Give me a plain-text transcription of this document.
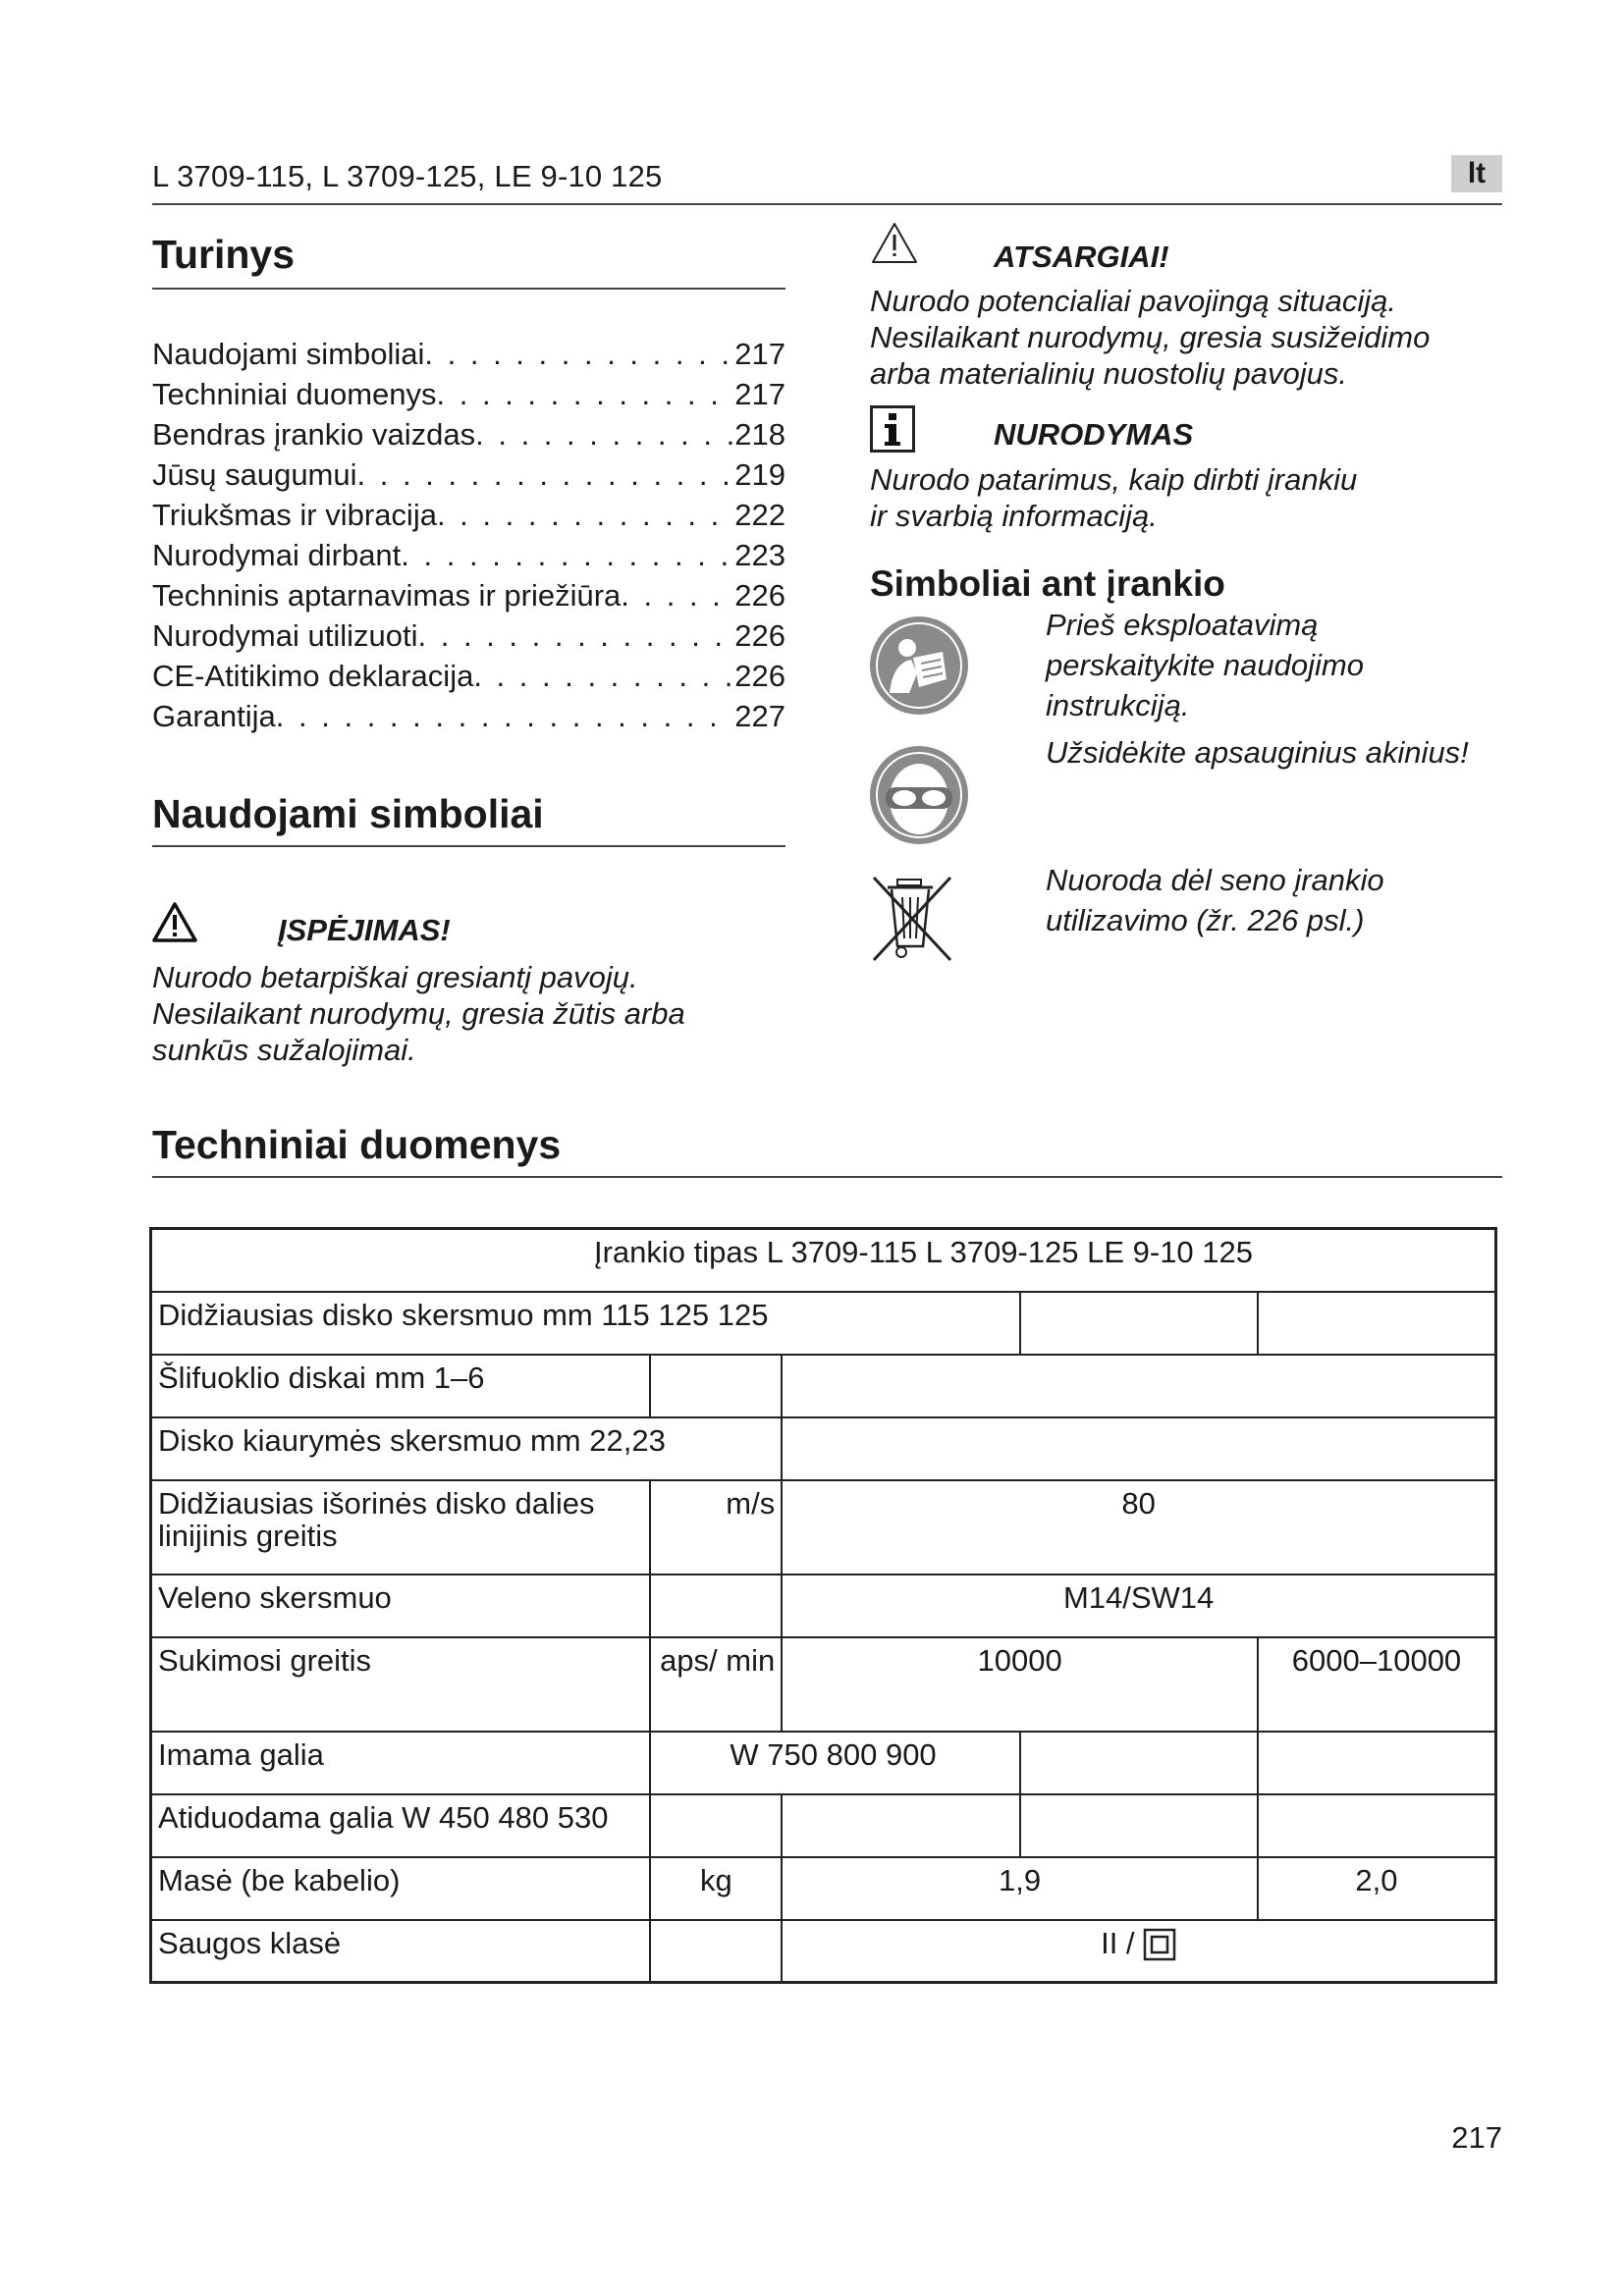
L 3709-115, L 3709-125, LE 9-10 125	lt
Turinys
Naudojami simboliai . . .	217
Techniniai duomenys . . .	217
Bendras įrankio vaizdas . . .	218
Jūsų saugumui . . .	219
Triukšmas ir vibracija . . .	222
Nurodymai dirbant . . .	223
Techninis aptarnavimas ir priežiūra . . .	226
Nurodymai utilizuoti . . .	226
CE-Atitikimo deklaracija . . .	226
Garantija . . .	227
Naudojami simboliai
ĮSPĖJIMAS!
Nurodo betarpiškai gresiantį pavojų.
Nesilaikant nurodymų, gresia žūtis arba
sunkūs sužalojimai.
ATSARGIAI!
Nurodo potencialiai pavojingą situaciją.
Nesilaikant nurodymų, gresia susižeidimo
arba materialinių nuostolių pavojus.
NURODYMAS
Nurodo patarimus, kaip dirbti įrankiu
ir svarbią informaciją.
Simboliai ant įrankio
Prieš eksploatavimą
perskaitykite naudojimo
instrukciją.
Užsidėkite apsauginius akinius!
Nuoroda dėl seno įrankio
utilizavimo (žr. 226 psl.)
Techniniai duomenys
Įrankio tipas L 3709-115 L 3709-125 LE 9-10 125				
Didžiausias disko skersmuo mm 115 125 125				
Šlifuoklio diskai mm 1–6				
Disko kiaurymės skersmuo mm 22,23				
Didžiausias išorinės disko dalies linijinis greitis	m/s	80		
Veleno skersmuo		M14/SW14		
Sukimosi greitis	aps/ min	10000		6000–10000
Imama galia	W 750 800 900			
Atiduodama galia W 450 480 530				
Masė (be kabelio)	kg	1,9		2,0
Saugos klasė		II /		
217
